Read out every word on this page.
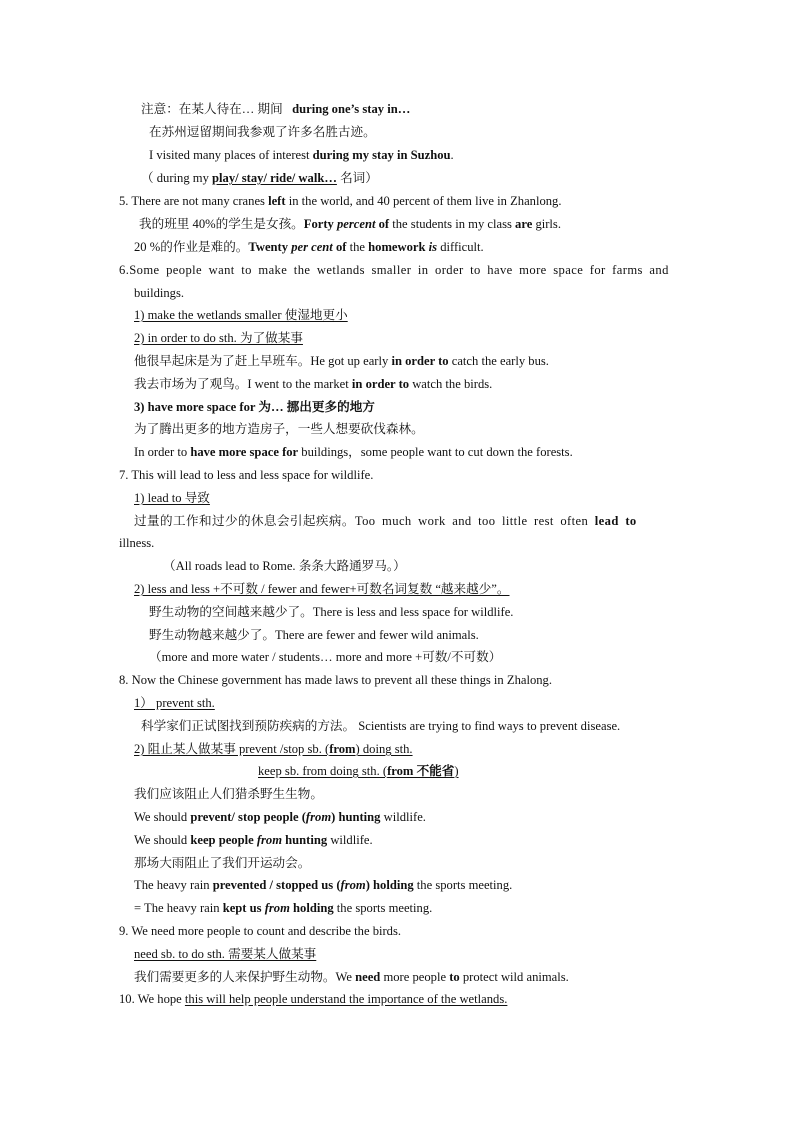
注意：在某人待在… 期间 during one’s stay in…
在苏州逗留期间我参观了许多名胜古迹。
I visited many places of interest during my stay in Suzhou.
（ during my play/ stay/ ride/ walk… 名词）
5. There are not many cranes left in the world, and 40 percent of them live in Zhanlong.
我的班里 40%的学生是女孩。Forty percent of the students in my class are girls.
20 %的作业是难的。Twenty per cent of the homework is difficult.
6.Some people want to make the wetlands smaller in order to have more space for farms and
buildings.
1) make the wetlands smaller 使湿地更小
2) in order to do sth. 为了做某事
他很早起床是为了赶上早班车。He got up early in order to catch the early bus.
我去市场为了观鸟。I went to the market in order to watch the birds.
3) have more space for 为… 挪出更多的地方
为了腾出更多的地方造房子，一些人想要砍伐森林。
In order to have more space for buildings，some people want to cut down the forests.
7. This will lead to less and less space for wildlife.
1) lead to 导致
过量的工作和过少的休息会引起疾病。Too much work and too little rest often lead to
illness.
（All roads lead to Rome. 条条大路通罗马。）
2) less and less +不可数 / fewer and fewer+可数名词复数 “越来越少”。
野生动物的空间越来越少了。There is less and less space for wildlife.
野生动物越来越少了。There are fewer and fewer wild animals.
（more and more water / students… more and more +可数/不可数）
8. Now the Chinese government has made laws to prevent all these things in Zhalong.
1） prevent sth.
科学家们正试图找到预防疾病的方法。 Scientists are trying to find ways to prevent disease.
2) 阻止某人做某事 prevent /stop sb. (from) doing sth.
keep sb. from doing sth. (from 不能省)
我们应该阻止人们猎杀野生生物。
We should prevent/ stop people (from) hunting wildlife.
We should keep people from hunting wildlife.
那场大雨阻止了我们开运动会。
The heavy rain prevented / stopped us (from) holding the sports meeting.
= The heavy rain kept us from holding the sports meeting.
9. We need more people to count and describe the birds.
need sb. to do sth. 需要某人做某事
我们需要更多的人来保护野生动物。We need more people to protect wild animals.
10. We hope this will help people understand the importance of the wetlands.
